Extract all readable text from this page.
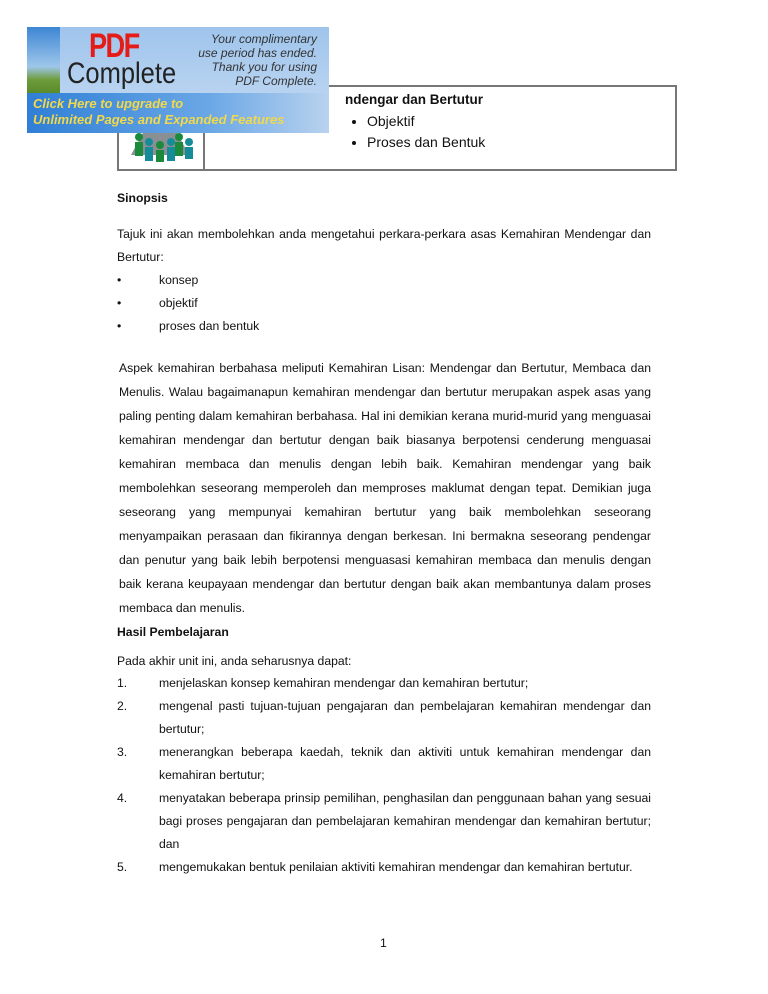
ndengar dan Bertutur
• Objektif
• Proses dan Bentuk
PDF
Complete
Your complimentary
use period has ended.
Thank you for using
PDF Complete.
Click Here to upgrade to
Unlimited Pages and Expanded Features
Sinopsis
Tajuk ini akan membolehkan anda mengetahui perkara-perkara asas Kemahiran Mendengar dan Bertutur:
•	konsep
•	objektif
•	proses dan bentuk
Aspek kemahiran berbahasa meliputi Kemahiran Lisan: Mendengar dan Bertutur, Membaca dan Menulis. Walau bagaimanapun kemahiran mendengar dan bertutur merupakan aspek asas yang paling penting dalam kemahiran berbahasa. Hal ini demikian kerana murid-murid yang menguasai kemahiran mendengar dan bertutur dengan baik biasanya berpotensi cenderung menguasai kemahiran membaca dan menulis dengan lebih baik. Kemahiran mendengar yang baik membolehkan seseorang memperoleh dan memproses maklumat dengan tepat. Demikian juga seseorang yang mempunyai kemahiran bertutur yang baik membolehkan seseorang menyampaikan perasaan dan fikirannya dengan berkesan. Ini bermakna seseorang pendengar dan penutur yang baik lebih berpotensi menguasasi kemahiran membaca dan menulis dengan baik kerana keupayaan mendengar dan bertutur dengan baik akan membantunya dalam proses membaca dan menulis.
Hasil Pembelajaran
Pada akhir unit ini, anda seharusnya dapat:
1.	menjelaskan konsep kemahiran mendengar dan kemahiran bertutur;
2.	mengenal pasti tujuan-tujuan pengajaran dan pembelajaran kemahiran mendengar dan bertutur;
3.	menerangkan beberapa kaedah, teknik dan aktiviti untuk kemahiran mendengar dan kemahiran bertutur;
4.	menyatakan beberapa prinsip pemilihan, penghasilan dan penggunaan bahan yang sesuai bagi proses pengajaran dan pembelajaran kemahiran mendengar dan kemahiran bertutur; dan
5.	mengemukakan bentuk penilaian aktiviti kemahiran mendengar dan kemahiran bertutur.
1
